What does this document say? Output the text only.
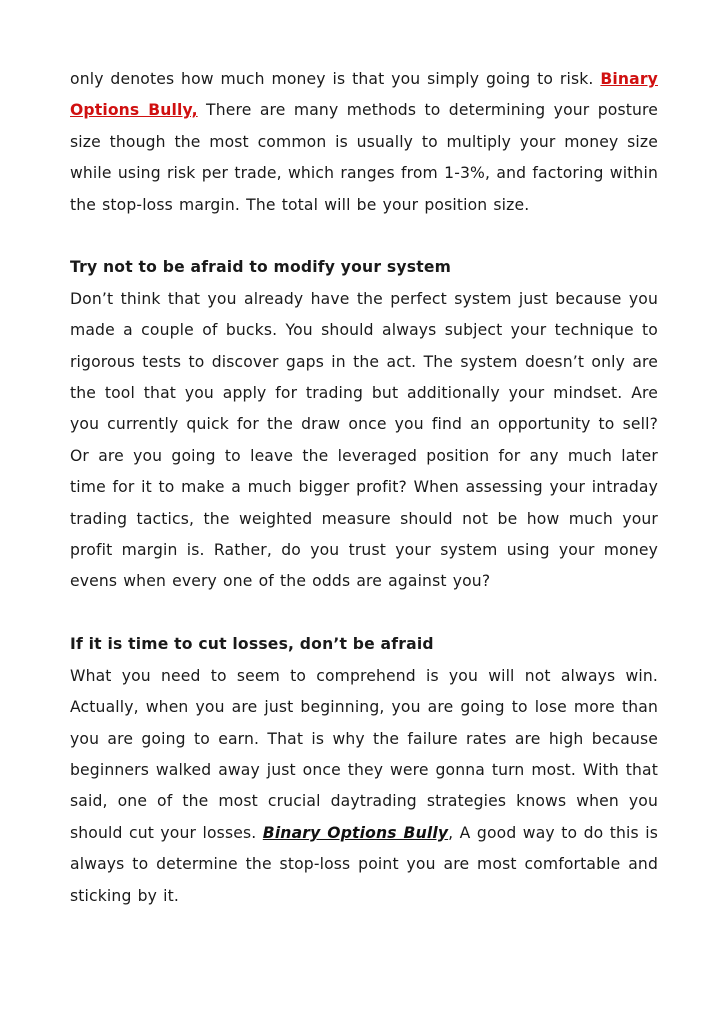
only denotes how much money is that you simply going to risk. Binary Options Bully, There are many methods to determining your posture size though the most common is usually to multiply your money size while using risk per trade, which ranges from 1-3%, and factoring within the stop-loss margin. The total will be your position size.

Try not to be afraid to modify your system

Don’t think that you already have the perfect system just because you made a couple of bucks. You should always subject your technique to rigorous tests to discover gaps in the act. The system doesn’t only are the tool that you apply for trading but additionally your mindset. Are you currently quick for the draw once you find an opportunity to sell? Or are you going to leave the leveraged position for any much later time for it to make a much bigger profit? When assessing your intraday trading tactics, the weighted measure should not be how much your profit margin is. Rather, do you trust your system using your money evens when every one of the odds are against you?

If it is time to cut losses, don’t be afraid

What you need to seem to comprehend is you will not always win. Actually, when you are just beginning, you are going to lose more than you are going to earn. That is why the failure rates are high because beginners walked away just once they were gonna turn most. With that said, one of the most crucial daytrading strategies knows when you should cut your losses. Binary Options Bully, A good way to do this is always to determine the stop-loss point you are most comfortable and sticking by it.
